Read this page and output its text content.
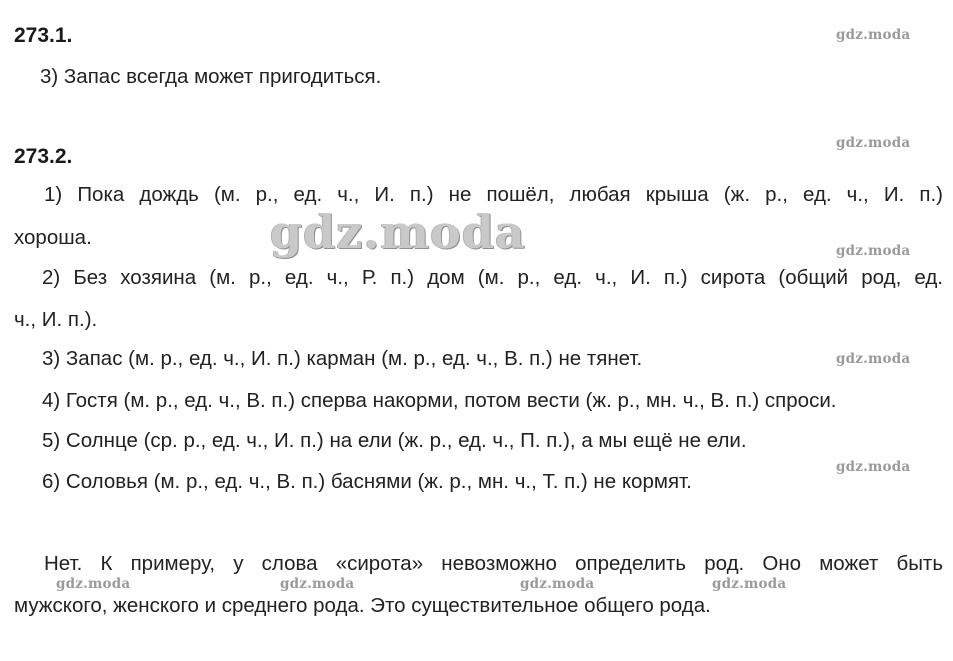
273.1.
3) Запас всегда может пригодиться.
273.2.
1) Пока дождь (м. р., ед. ч., И. п.) не пошёл, любая крыша (ж. р., ед. ч., И. п.)
хороша.
2) Без хозяина (м. р., ед. ч., Р. п.) дом (м. р., ед. ч., И. п.) сирота (общий род, ед.
ч., И. п.).
3) Запас (м. р., ед. ч., И. п.) карман (м. р., ед. ч., В. п.) не тянет.
4) Гостя (м. р., ед. ч., В. п.) сперва накорми, потом вести (ж. р., мн. ч., В. п.) спроси.
5) Солнце (ср. р., ед. ч., И. п.) на ели (ж. р., ед. ч., П. п.), а мы ещё не ели.
6) Соловья (м. р., ед. ч., В. п.) баснями (ж. р., мн. ч., Т. п.) не кормят.
Нет. К примеру, у слова «сирота» невозможно определить род. Оно может быть
мужского, женского и среднего рода. Это существительное общего рода.
gdz.moda
gdz.moda
gdz.moda
gdz.moda
gdz.moda
gdz.moda
gdz.moda	gdz.moda	gdz.moda	gdz.moda
